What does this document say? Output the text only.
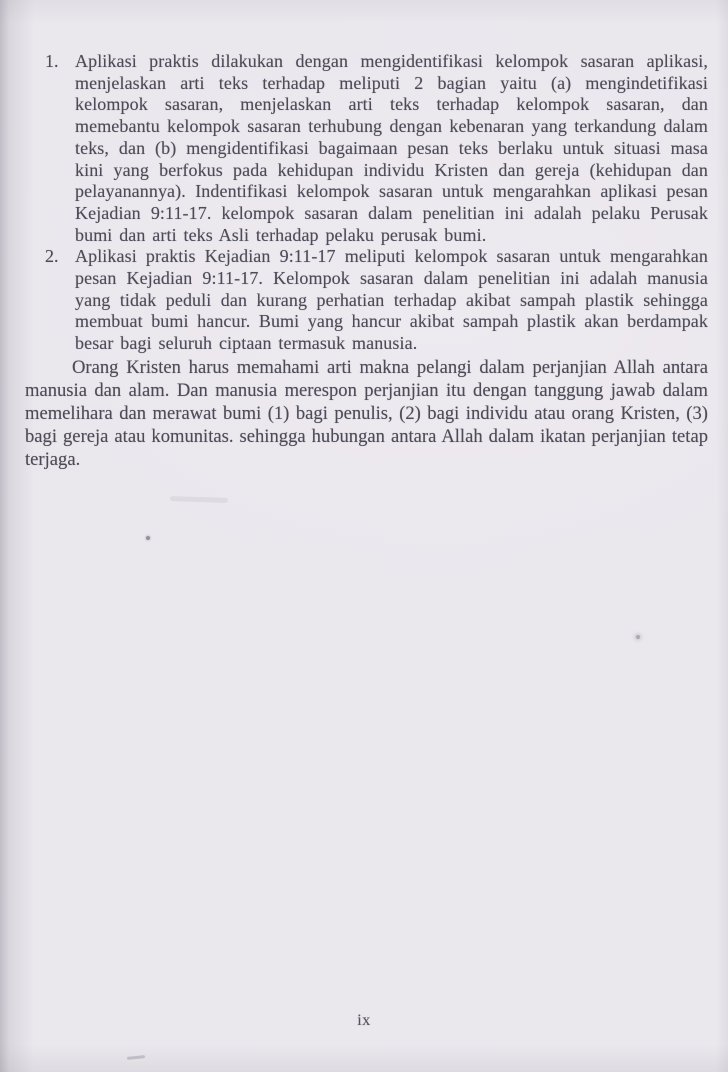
1. Aplikasi praktis dilakukan dengan mengidentifikasi kelompok sasaran aplikasi, menjelaskan arti teks terhadap meliputi 2 bagian yaitu (a) mengindetifikasi kelompok sasaran, menjelaskan arti teks terhadap kelompok sasaran, dan memebantu kelompok sasaran terhubung dengan kebenaran yang terkandung dalam teks, dan (b) mengidentifikasi bagaimaan pesan teks berlaku untuk situasi masa kini yang berfokus pada kehidupan individu Kristen dan gereja (kehidupan dan pelayanannya). Indentifikasi kelompok sasaran untuk mengarahkan aplikasi pesan Kejadian 9:11-17. kelompok sasaran dalam penelitian ini adalah pelaku Perusak bumi dan arti teks Asli terhadap pelaku perusak bumi.
2. Aplikasi praktis Kejadian 9:11-17 meliputi kelompok sasaran untuk mengarahkan pesan Kejadian 9:11-17. Kelompok sasaran dalam penelitian ini adalah manusia yang tidak peduli dan kurang perhatian terhadap akibat sampah plastik sehingga membuat bumi hancur. Bumi yang hancur akibat sampah plastik akan berdampak besar bagi seluruh ciptaan termasuk manusia.

Orang Kristen harus memahami arti makna pelangi dalam perjanjian Allah antara manusia dan alam. Dan manusia merespon perjanjian itu dengan tanggung jawab dalam memelihara dan merawat bumi (1) bagi penulis, (2) bagi individu atau orang Kristen, (3) bagi gereja atau komunitas. sehingga hubungan antara Allah dalam ikatan perjanjian tetap terjaga.

ix
